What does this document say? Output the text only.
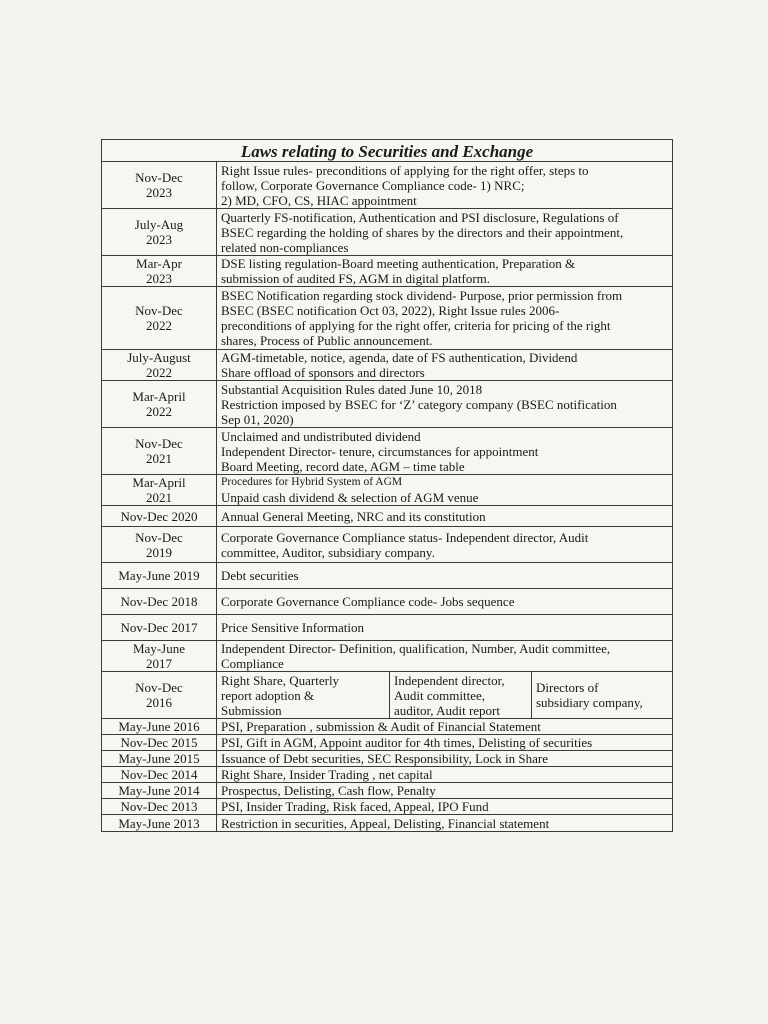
Laws relating to Securities and Exchange
Nov-Dec
2023
Right Issue rules- preconditions of applying for the right offer, steps to
follow, Corporate Governance Compliance code- 1) NRC;
2) MD, CFO, CS, HIAC appointment
July-Aug
2023
Quarterly FS-notification, Authentication and PSI disclosure, Regulations of
BSEC regarding the holding of shares by the directors and their appointment,
related non-compliances
Mar-Apr
2023
DSE listing regulation-Board meeting authentication, Preparation &
submission of audited FS, AGM in digital platform.
Nov-Dec
2022
BSEC Notification regarding stock dividend- Purpose, prior permission from
BSEC (BSEC notification Oct 03, 2022), Right Issue rules 2006-
preconditions of applying for the right offer, criteria for pricing of the right
shares, Process of Public announcement.
July-August
2022
AGM-timetable, notice, agenda, date of FS authentication, Dividend
Share offload of sponsors and directors
Mar-April
2022
Substantial Acquisition Rules dated June 10, 2018
Restriction imposed by BSEC for ‘Z’ category company (BSEC notification
Sep 01, 2020)
Nov-Dec
2021
Unclaimed and undistributed dividend
Independent Director- tenure, circumstances for appointment
Board Meeting, record date, AGM – time table
Mar-April
2021
Procedures for Hybrid System of AGM
Unpaid cash dividend & selection of AGM venue
Nov-Dec 2020 Annual General Meeting, NRC and its constitution
Nov-Dec
2019
Corporate Governance Compliance status- Independent director, Audit
committee, Auditor, subsidiary company.
May-June 2019 Debt securities
Nov-Dec 2018 Corporate Governance Compliance code- Jobs sequence
Nov-Dec 2017 Price Sensitive Information
May-June
2017
Independent Director- Definition, qualification, Number, Audit committee,
Compliance
Nov-Dec
2016
Right Share, Quarterly
report adoption &
Submission
Independent director,
Audit committee,
auditor, Audit report
Directors of
subsidiary company,
May-June 2016 PSI, Preparation , submission & Audit of Financial Statement
Nov-Dec 2015 PSI, Gift in AGM, Appoint auditor for 4th times, Delisting of securities
May-June 2015 Issuance of Debt securities, SEC Responsibility, Lock in Share
Nov-Dec 2014 Right Share, Insider Trading , net capital
May-June 2014 Prospectus, Delisting, Cash flow, Penalty
Nov-Dec 2013 PSI, Insider Trading, Risk faced, Appeal, IPO Fund
May-June 2013 Restriction in securities, Appeal, Delisting, Financial statement
